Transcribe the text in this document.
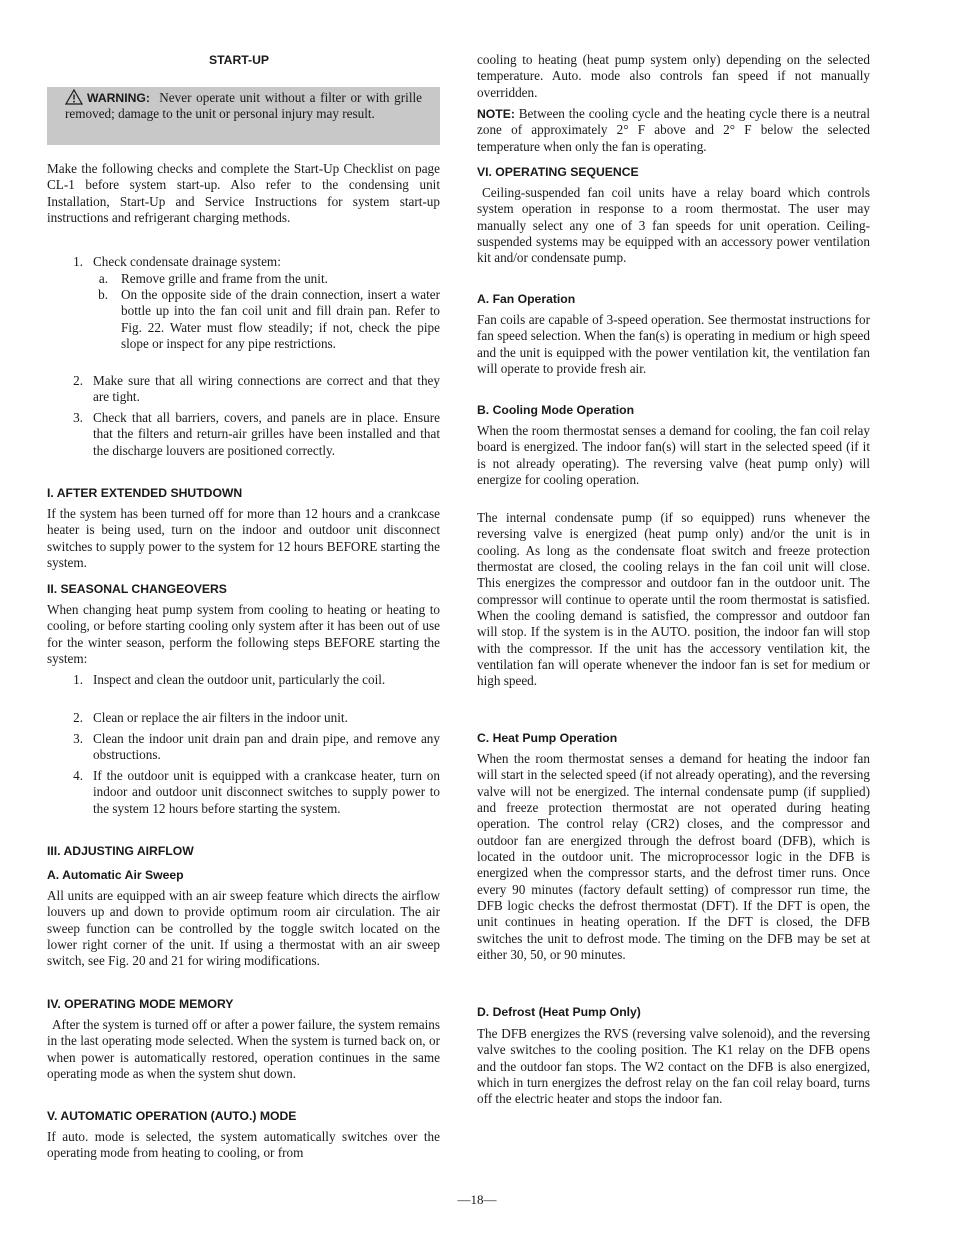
START-UP
WARNING: Never operate unit without a filter or with grille removed; damage to the unit or personal injury may result.

Make the following checks and complete the Start-Up Checklist on page CL-1 before system start-up. Also refer to the condensing unit Installation, Start-Up and Service Instructions for system start-up instructions and refrigerant charging methods.

1. Check condensate drainage system:
a. Remove grille and frame from the unit.
b. On the opposite side of the drain connection, insert a water bottle up into the fan coil unit and fill drain pan. Refer to Fig. 22. Water must flow steadily; if not, check the pipe slope or inspect for any pipe restrictions.
2. Make sure that all wiring connections are correct and that they are tight.
3. Check that all barriers, covers, and panels are in place. Ensure that the filters and return-air grilles have been installed and that the discharge louvers are positioned correctly.
I. AFTER EXTENDED SHUTDOWN

If the system has been turned off for more than 12 hours and a crankcase heater is being used, turn on the indoor and outdoor unit disconnect switches to supply power to the system for 12 hours BEFORE starting the system.

II. SEASONAL CHANGEOVERS

When changing heat pump system from cooling to heating or heating to cooling, or before starting cooling only system after it has been out of use for the winter season, perform the following steps BEFORE starting the system:

1. Inspect and clean the outdoor unit, particularly the coil.
2. Clean or replace the air filters in the indoor unit.
3. Clean the indoor unit drain pan and drain pipe, and remove any obstructions.
4. If the outdoor unit is equipped with a crankcase heater, turn on indoor and outdoor unit disconnect switches to supply power to the system 12 hours before starting the system.
III. ADJUSTING AIRFLOW
A. Automatic Air Sweep

All units are equipped with an air sweep feature which directs the airflow louvers up and down to provide optimum room air circulation. The air sweep function can be controlled by the toggle switch located on the lower right corner of the unit. If using a thermostat with an air sweep switch, see Fig. 20 and 21 for wiring modifications.

IV. OPERATING MODE MEMORY

After the system is turned off or after a power failure, the system remains in the last operating mode selected. When the system is turned back on, or when power is automatically restored, operation continues in the same operating mode as when the system shut down.

V. AUTOMATIC OPERATION (AUTO.) MODE

If auto. mode is selected, the system automatically switches over the operating mode from heating to cooling, or from

cooling to heating (heat pump system only) depending on the selected temperature. Auto. mode also controls fan speed if not manually overridden.

NOTE: Between the cooling cycle and the heating cycle there is a neutral zone of approximately 2° F above and 2° F below the selected temperature when only the fan is operating.

VI. OPERATING SEQUENCE

Ceiling-suspended fan coil units have a relay board which controls system operation in response to a room thermostat. The user may manually select any one of 3 fan speeds for unit operation. Ceiling-suspended systems may be equipped with an accessory power ventilation kit and/or condensate pump.

A. Fan Operation

Fan coils are capable of 3-speed operation. See thermostat instructions for fan speed selection. When the fan(s) is operating in medium or high speed and the unit is equipped with the power ventilation kit, the ventilation fan will operate to provide fresh air.

B. Cooling Mode Operation

When the room thermostat senses a demand for cooling, the fan coil relay board is energized. The indoor fan(s) will start in the selected speed (if it is not already operating). The reversing valve (heat pump only) will energize for cooling operation.

The internal condensate pump (if so equipped) runs whenever the reversing valve is energized (heat pump only) and/or the unit is in cooling. As long as the condensate float switch and freeze protection thermostat are closed, the cooling relays in the fan coil unit will close. This energizes the compressor and outdoor fan in the outdoor unit. The compressor will continue to operate until the room thermostat is satisfied. When the cooling demand is satisfied, the compressor and outdoor fan will stop. If the system is in the AUTO. position, the indoor fan will stop with the compressor. If the unit has the accessory ventilation kit, the ventilation fan will operate whenever the indoor fan is set for medium or high speed.

C. Heat Pump Operation

When the room thermostat senses a demand for heating the indoor fan will start in the selected speed (if not already operating), and the reversing valve will not be energized. The internal condensate pump (if supplied) and freeze protection thermostat are not operated during heating operation. The control relay (CR2) closes, and the compressor and outdoor fan are energized through the defrost board (DFB), which is located in the outdoor unit. The microprocessor logic in the DFB is energized when the compressor starts, and the defrost timer runs. Once every 90 minutes (factory default setting) of compressor run time, the DFB logic checks the defrost thermostat (DFT). If the DFT is open, the unit continues in heating operation. If the DFT is closed, the DFB switches the unit to defrost mode. The timing on the DFB may be set at either 30, 50, or 90 minutes.

D. Defrost (Heat Pump Only)

The DFB energizes the RVS (reversing valve solenoid), and the reversing valve switches to the cooling position. The K1 relay on the DFB opens and the outdoor fan stops. The W2 contact on the DFB is also energized, which in turn energizes the defrost relay on the fan coil relay board, turns off the electric heater and stops the indoor fan.

—18—
